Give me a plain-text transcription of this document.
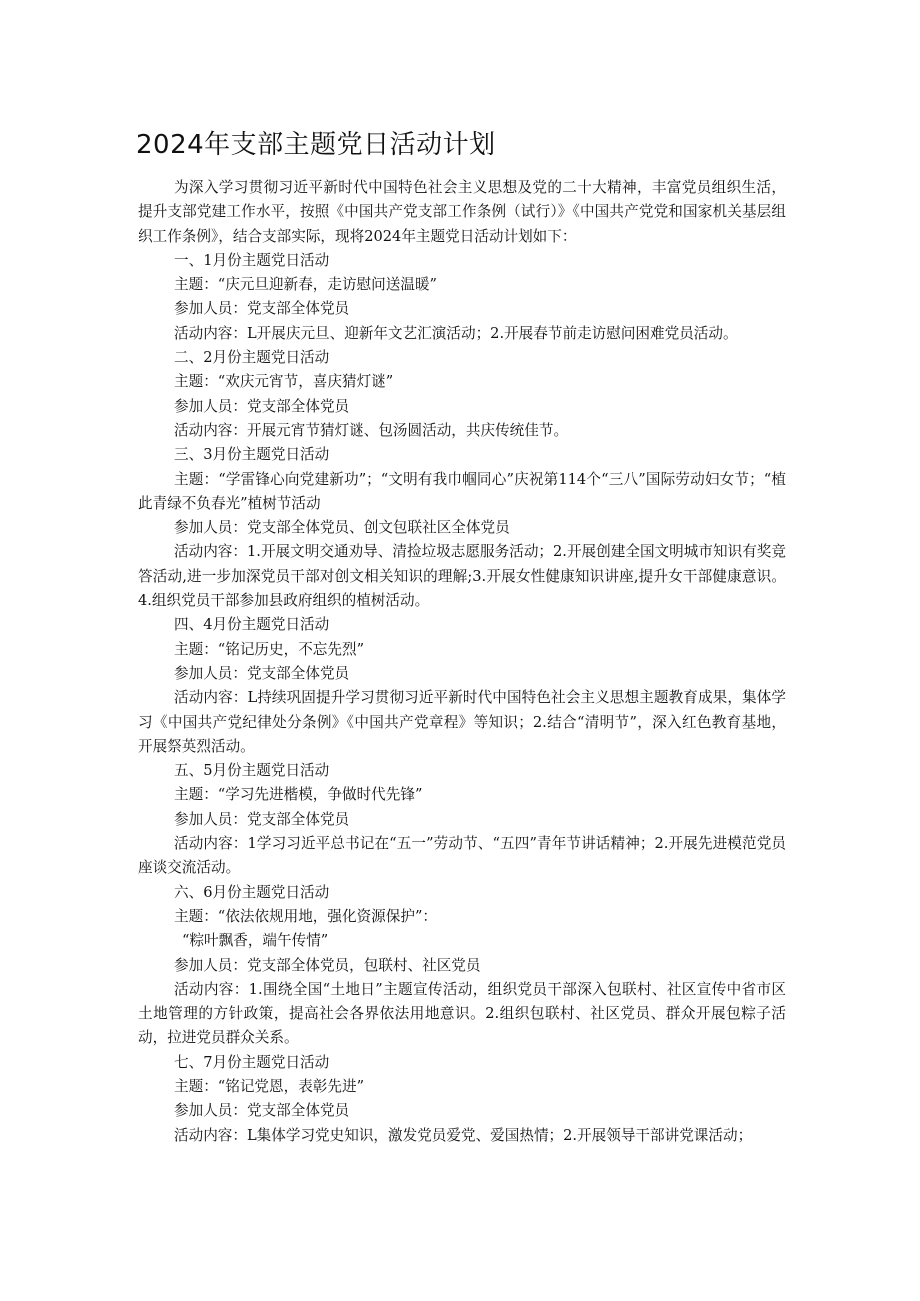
2024年支部主题党日活动计划

为深入学习贯彻习近平新时代中国特色社会主义思想及党的二十大精神，丰富党员组织生活，提升支部党建工作水平，按照《中国共产党支部工作条例（试行）》《中国共产党党和国家机关基层组织工作条例》，结合支部实际，现将2024年主题党日活动计划如下：

一、1月份主题党日活动

主题：“庆元旦迎新春，走访慰问送温暖”

参加人员：党支部全体党员

活动内容：L开展庆元旦、迎新年文艺汇演活动；2.开展春节前走访慰问困难党员活动。

二、2月份主题党日活动

主题：“欢庆元宵节，喜庆猜灯谜”

参加人员：党支部全体党员

活动内容：开展元宵节猜灯谜、包汤圆活动，共庆传统佳节。

三、3月份主题党日活动

主题：“学雷锋心向党建新功”；“文明有我巾帼同心”庆祝第114个“三八”国际劳动妇女节；“植此青绿不负春光”植树节活动

参加人员：党支部全体党员、创文包联社区全体党员

活动内容：1.开展文明交通劝导、清捡垃圾志愿服务活动；2.开展创建全国文明城市知识有奖竞答活动,进一步加深党员干部对创文相关知识的理解;3.开展女性健康知识讲座,提升女干部健康意识。4.组织党员干部参加县政府组织的植树活动。

四、4月份主题党日活动

主题：“铭记历史，不忘先烈”

参加人员：党支部全体党员

活动内容：L持续巩固提升学习贯彻习近平新时代中国特色社会主义思想主题教育成果，集体学习《中国共产党纪律处分条例》《中国共产党章程》等知识；2.结合“清明节”，深入红色教育基地，开展祭英烈活动。

五、5月份主题党日活动

主题：“学习先进楷模，争做时代先锋”

参加人员：党支部全体党员

活动内容：1学习习近平总书记在“五一”劳动节、“五四”青年节讲话精神；2.开展先进模范党员座谈交流活动。

六、6月份主题党日活动

主题：“依法依规用地，强化资源保护”：

“粽叶飘香，端午传情”

参加人员：党支部全体党员，包联村、社区党员

活动内容：1.围绕全国“土地日”主题宣传活动，组织党员干部深入包联村、社区宣传中省市区土地管理的方针政策，提高社会各界依法用地意识。2.组织包联村、社区党员、群众开展包粽子活动，拉进党员群众关系。

七、7月份主题党日活动

主题：“铭记党恩，表彰先进”

参加人员：党支部全体党员

活动内容：L集体学习党史知识，激发党员爱党、爱国热情；2.开展领导干部讲党课活动；
